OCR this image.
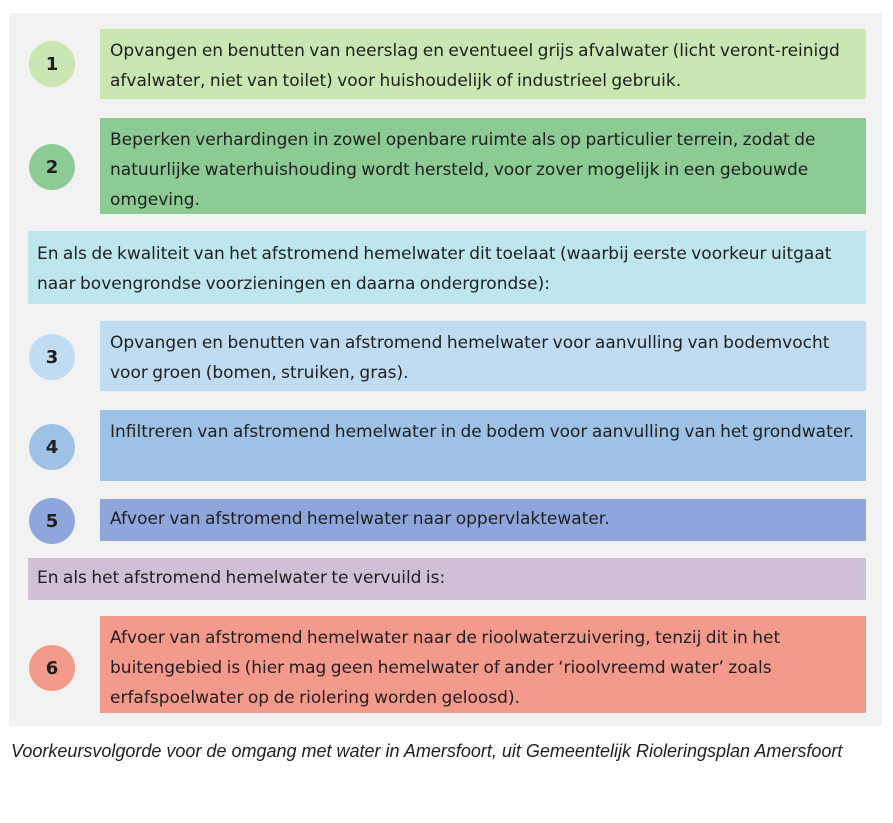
1
Opvangen en benutten van neerslag en eventueel grijs afvalwater (licht veront-reinigd afvalwater, niet van toilet) voor huishoudelijk of industrieel gebruik.
2
Beperken verhardingen in zowel openbare ruimte als op particulier terrein, zodat de natuurlijke waterhuishouding wordt hersteld, voor zover mogelijk in een gebouwde omgeving.
En als de kwaliteit van het afstromend hemelwater dit toelaat (waarbij eerste voorkeur uitgaat naar bovengrondse voorzieningen en daarna ondergrondse):
3
Opvangen en benutten van afstromend hemelwater voor aanvulling van bodemvocht voor groen (bomen, struiken, gras).
4
Infiltreren van afstromend hemelwater in de bodem voor aanvulling van het grondwater.
5	Afvoer van afstromend hemelwater naar oppervlaktewater.
En als het afstromend hemelwater te vervuild is:
6
Afvoer van afstromend hemelwater naar de rioolwaterzuivering, tenzij dit in het buitengebied is (hier mag geen hemelwater of ander ‘rioolvreemd water’ zoals erfafspoelwater op de riolering worden geloosd).
Voorkeursvolgorde voor de omgang met water in Amersfoort, uit Gemeentelijk Rioleringsplan Amersfoort
